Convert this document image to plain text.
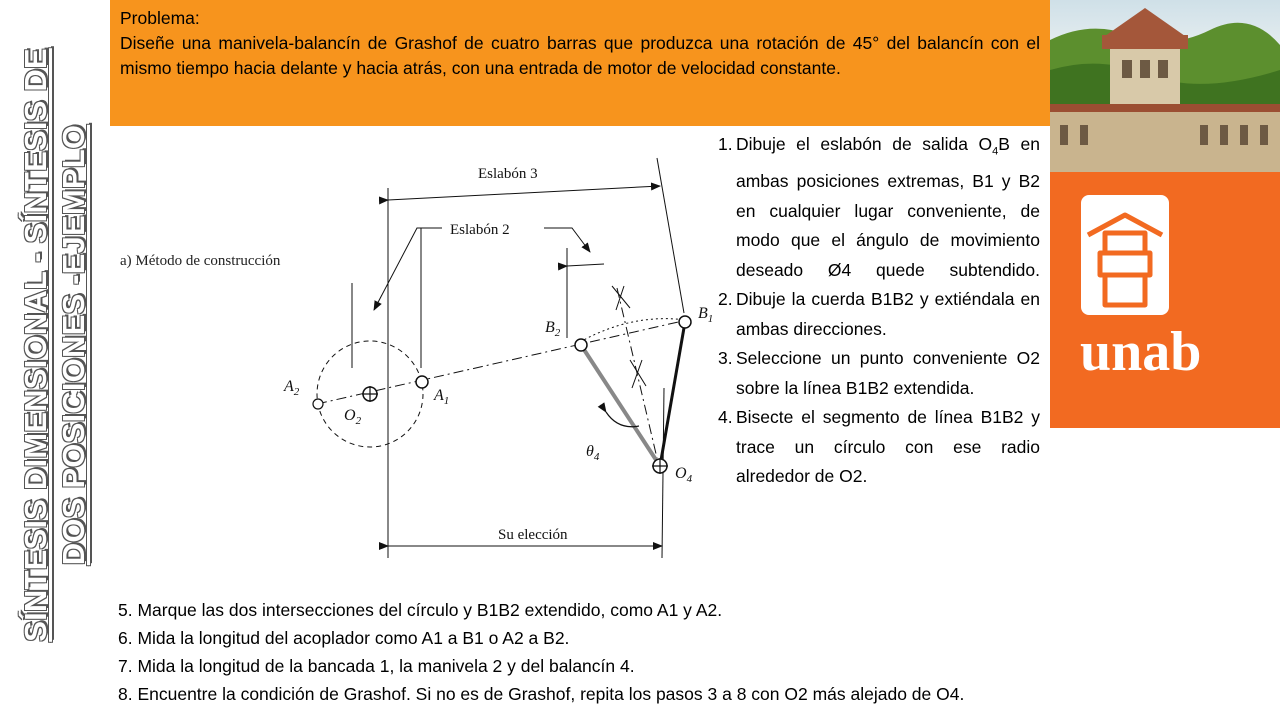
SÍNTESIS DIMENSIONAL - SÍNTESIS DE DOS POSICIONES -EJEMPLO
Problema:
Diseñe una manivela-balancín de Grashof de cuatro barras que produzca una rotación de 45° del balancín con el mismo tiempo hacia delante y hacia atrás, con una entrada de motor de velocidad constante.
unab
a) Método de construcción
Eslabón 3
Eslabón 2
Su elección
$A_2$	$A_1$
$O_2$
$B_2$
$B_1$
$O_4$
$\theta_4$
1. Dibuje el eslabón de salida $O_4B$ en ambas posiciones extremas, B1 y B2 en cualquier lugar conveniente, de modo que el ángulo de movimiento deseado Ø4 quede subtendido.
2. Dibuje la cuerda B1B2 y extiéndala en ambas direcciones.
3. Seleccione un punto conveniente O2 sobre la línea B1B2 extendida.
4. Bisecte el segmento de línea B1B2 y trace un círculo con ese radio alrededor de O2.
5. Marque las dos intersecciones del círculo y B1B2 extendido, como A1 y A2.
6. Mida la longitud del acoplador como A1 a B1 o A2 a B2.
7. Mida la longitud de la bancada 1, la manivela 2 y del balancín 4.
8. Encuentre la condición de Grashof. Si no es de Grashof, repita los pasos 3 a 8 con O2 más alejado de O4.
